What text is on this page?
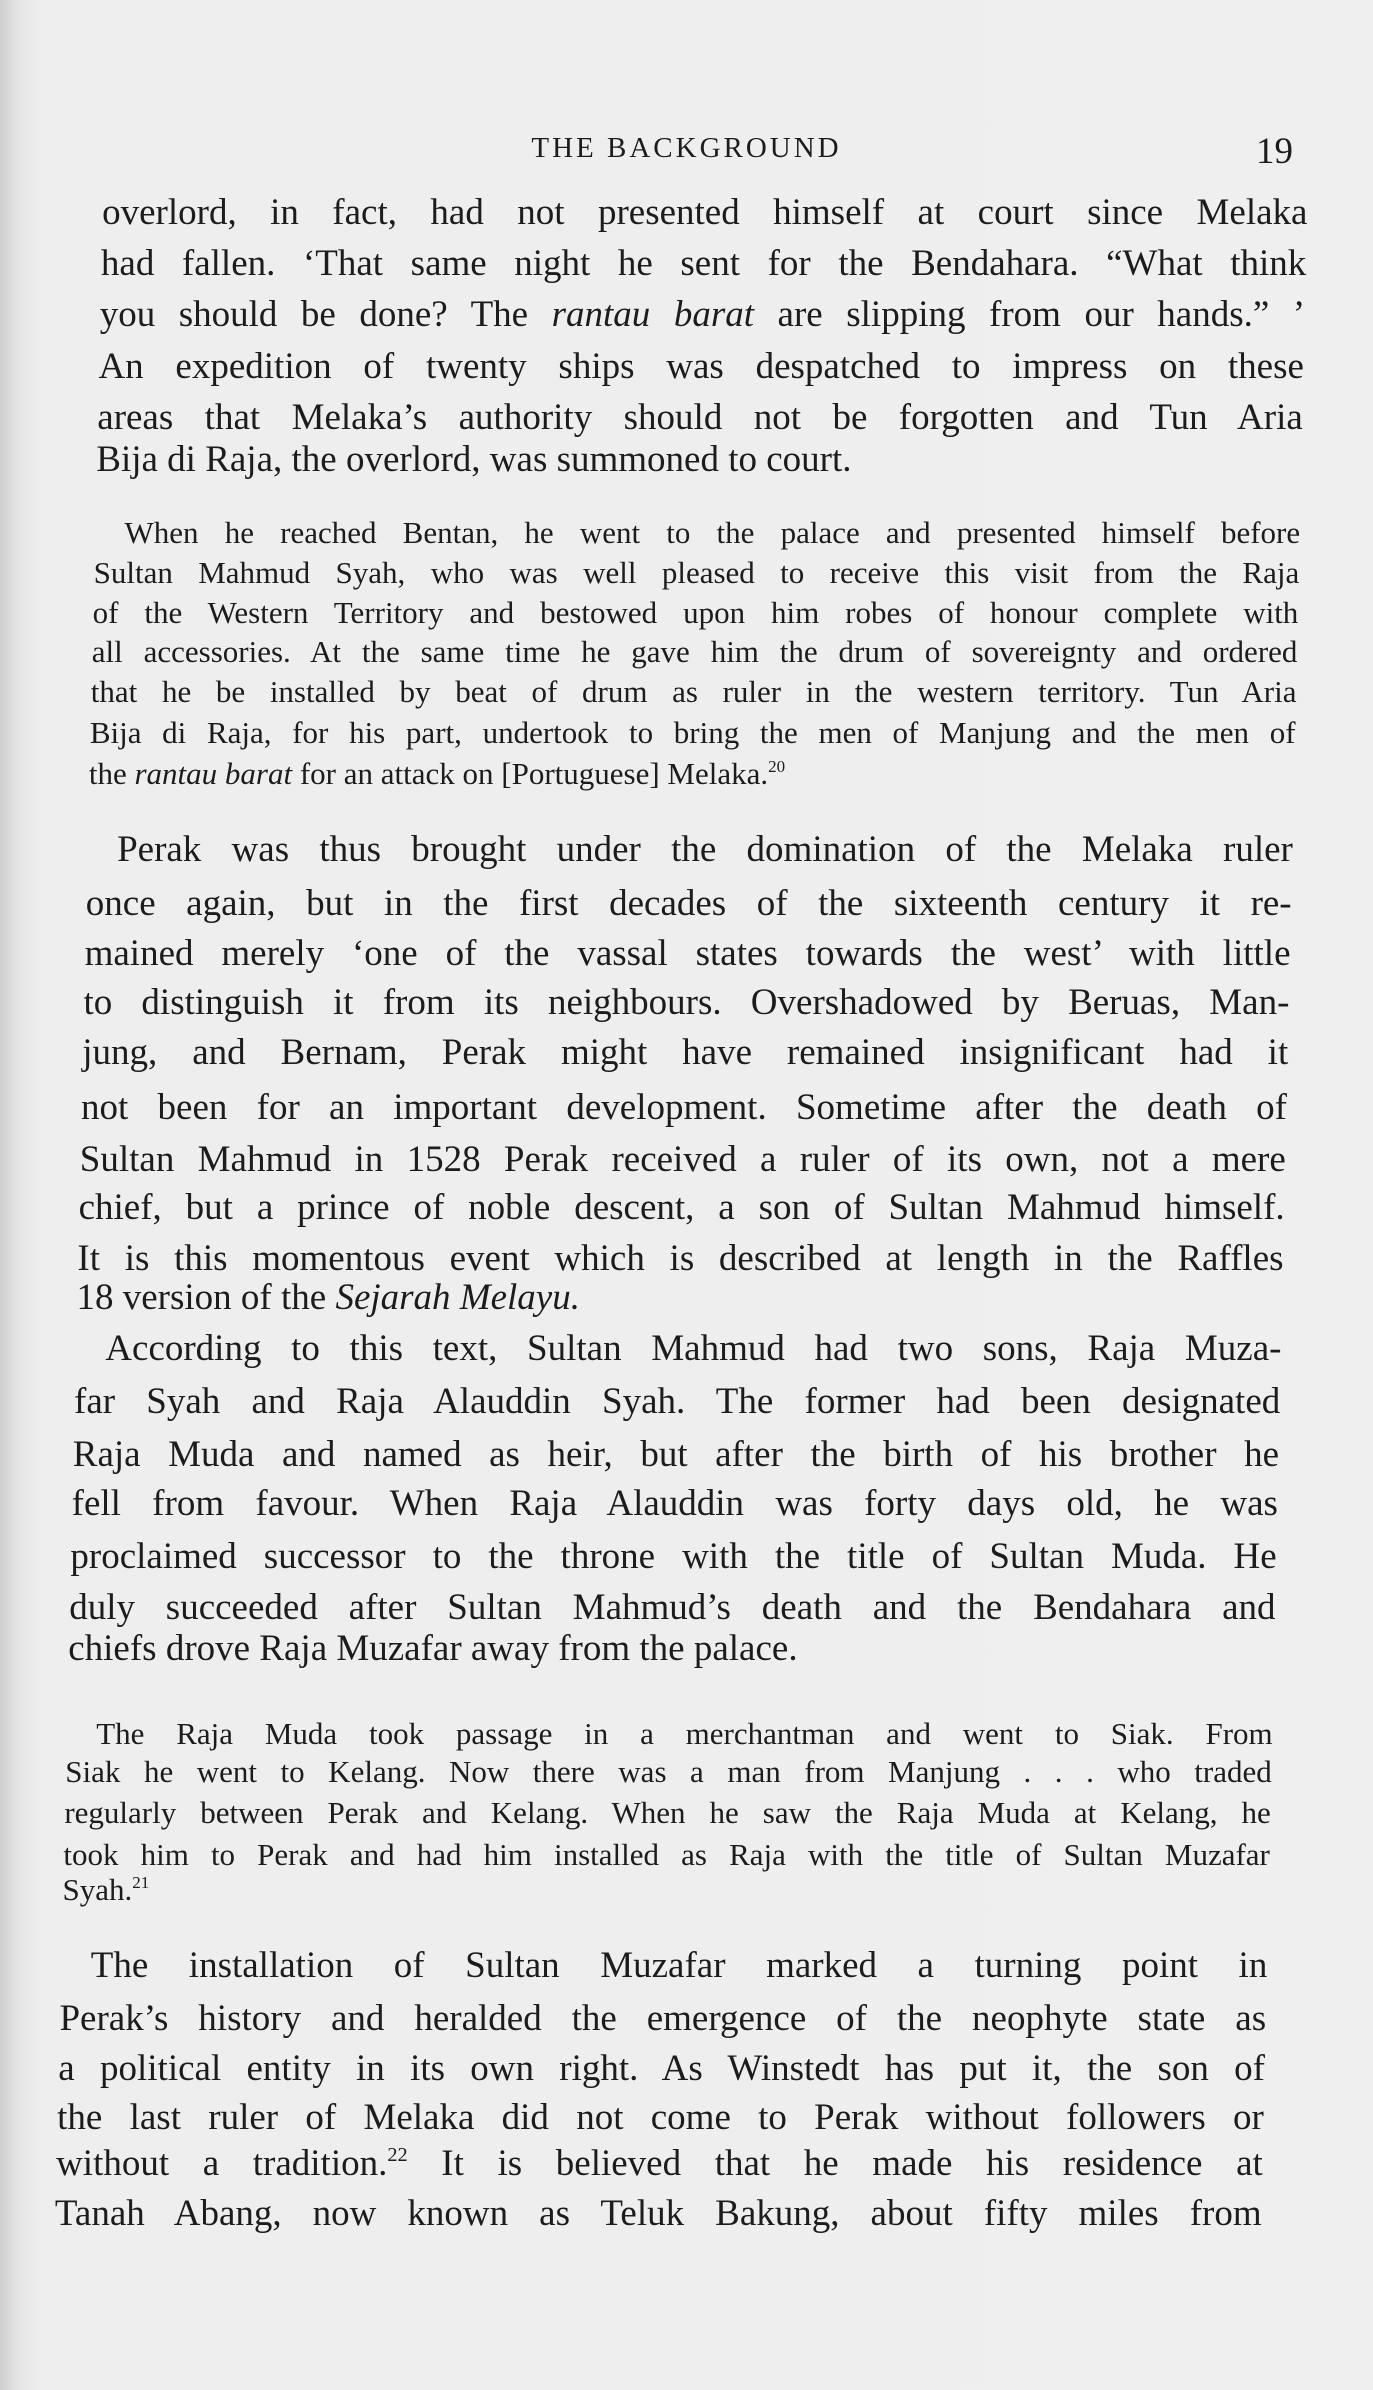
THE BACKGROUND	19
overlord, in fact, had not presented himself at court since Melaka
had fallen. ‘That same night he sent for the Bendahara. “What think
you should be done? The rantau barat are slipping from our hands.” ’
An expedition of twenty ships was despatched to impress on these
areas that Melaka’s authority should not be forgotten and Tun Aria
Bija di Raja, the overlord, was summoned to court.
When he reached Bentan, he went to the palace and presented himself before
Sultan Mahmud Syah, who was well pleased to receive this visit from the Raja
of the Western Territory and bestowed upon him robes of honour complete with
all accessories. At the same time he gave him the drum of sovereignty and ordered
that he be installed by beat of drum as ruler in the western territory. Tun Aria
Bija di Raja, for his part, undertook to bring the men of Manjung and the men of
the rantau barat for an attack on [Portuguese] Melaka.$^{20}$
Perak was thus brought under the domination of the Melaka ruler
once again, but in the first decades of the sixteenth century it re-
mained merely ‘one of the vassal states towards the west’ with little
to distinguish it from its neighbours. Overshadowed by Beruas, Man-
jung, and Bernam, Perak might have remained insignificant had it
not been for an important development. Sometime after the death of
Sultan Mahmud in 1528 Perak received a ruler of its own, not a mere
chief, but a prince of noble descent, a son of Sultan Mahmud himself.
It is this momentous event which is described at length in the Raffles
18 version of the Sejarah Melayu.
According to this text, Sultan Mahmud had two sons, Raja Muza-
far Syah and Raja Alauddin Syah. The former had been designated
Raja Muda and named as heir, but after the birth of his brother he
fell from favour. When Raja Alauddin was forty days old, he was
proclaimed successor to the throne with the title of Sultan Muda. He
duly succeeded after Sultan Mahmud’s death and the Bendahara and
chiefs drove Raja Muzafar away from the palace.
The Raja Muda took passage in a merchantman and went to Siak. From
Siak he went to Kelang. Now there was a man from Manjung . . . who traded
regularly between Perak and Kelang. When he saw the Raja Muda at Kelang, he
took him to Perak and had him installed as Raja with the title of Sultan Muzafar
Syah.$^{21}$
The installation of Sultan Muzafar marked a turning point in
Perak’s history and heralded the emergence of the neophyte state as
a political entity in its own right. As Winstedt has put it, the son of
the last ruler of Melaka did not come to Perak without followers or
without a tradition.$^{22}$ It is believed that he made his residence at
Tanah Abang, now known as Teluk Bakung, about fifty miles from
